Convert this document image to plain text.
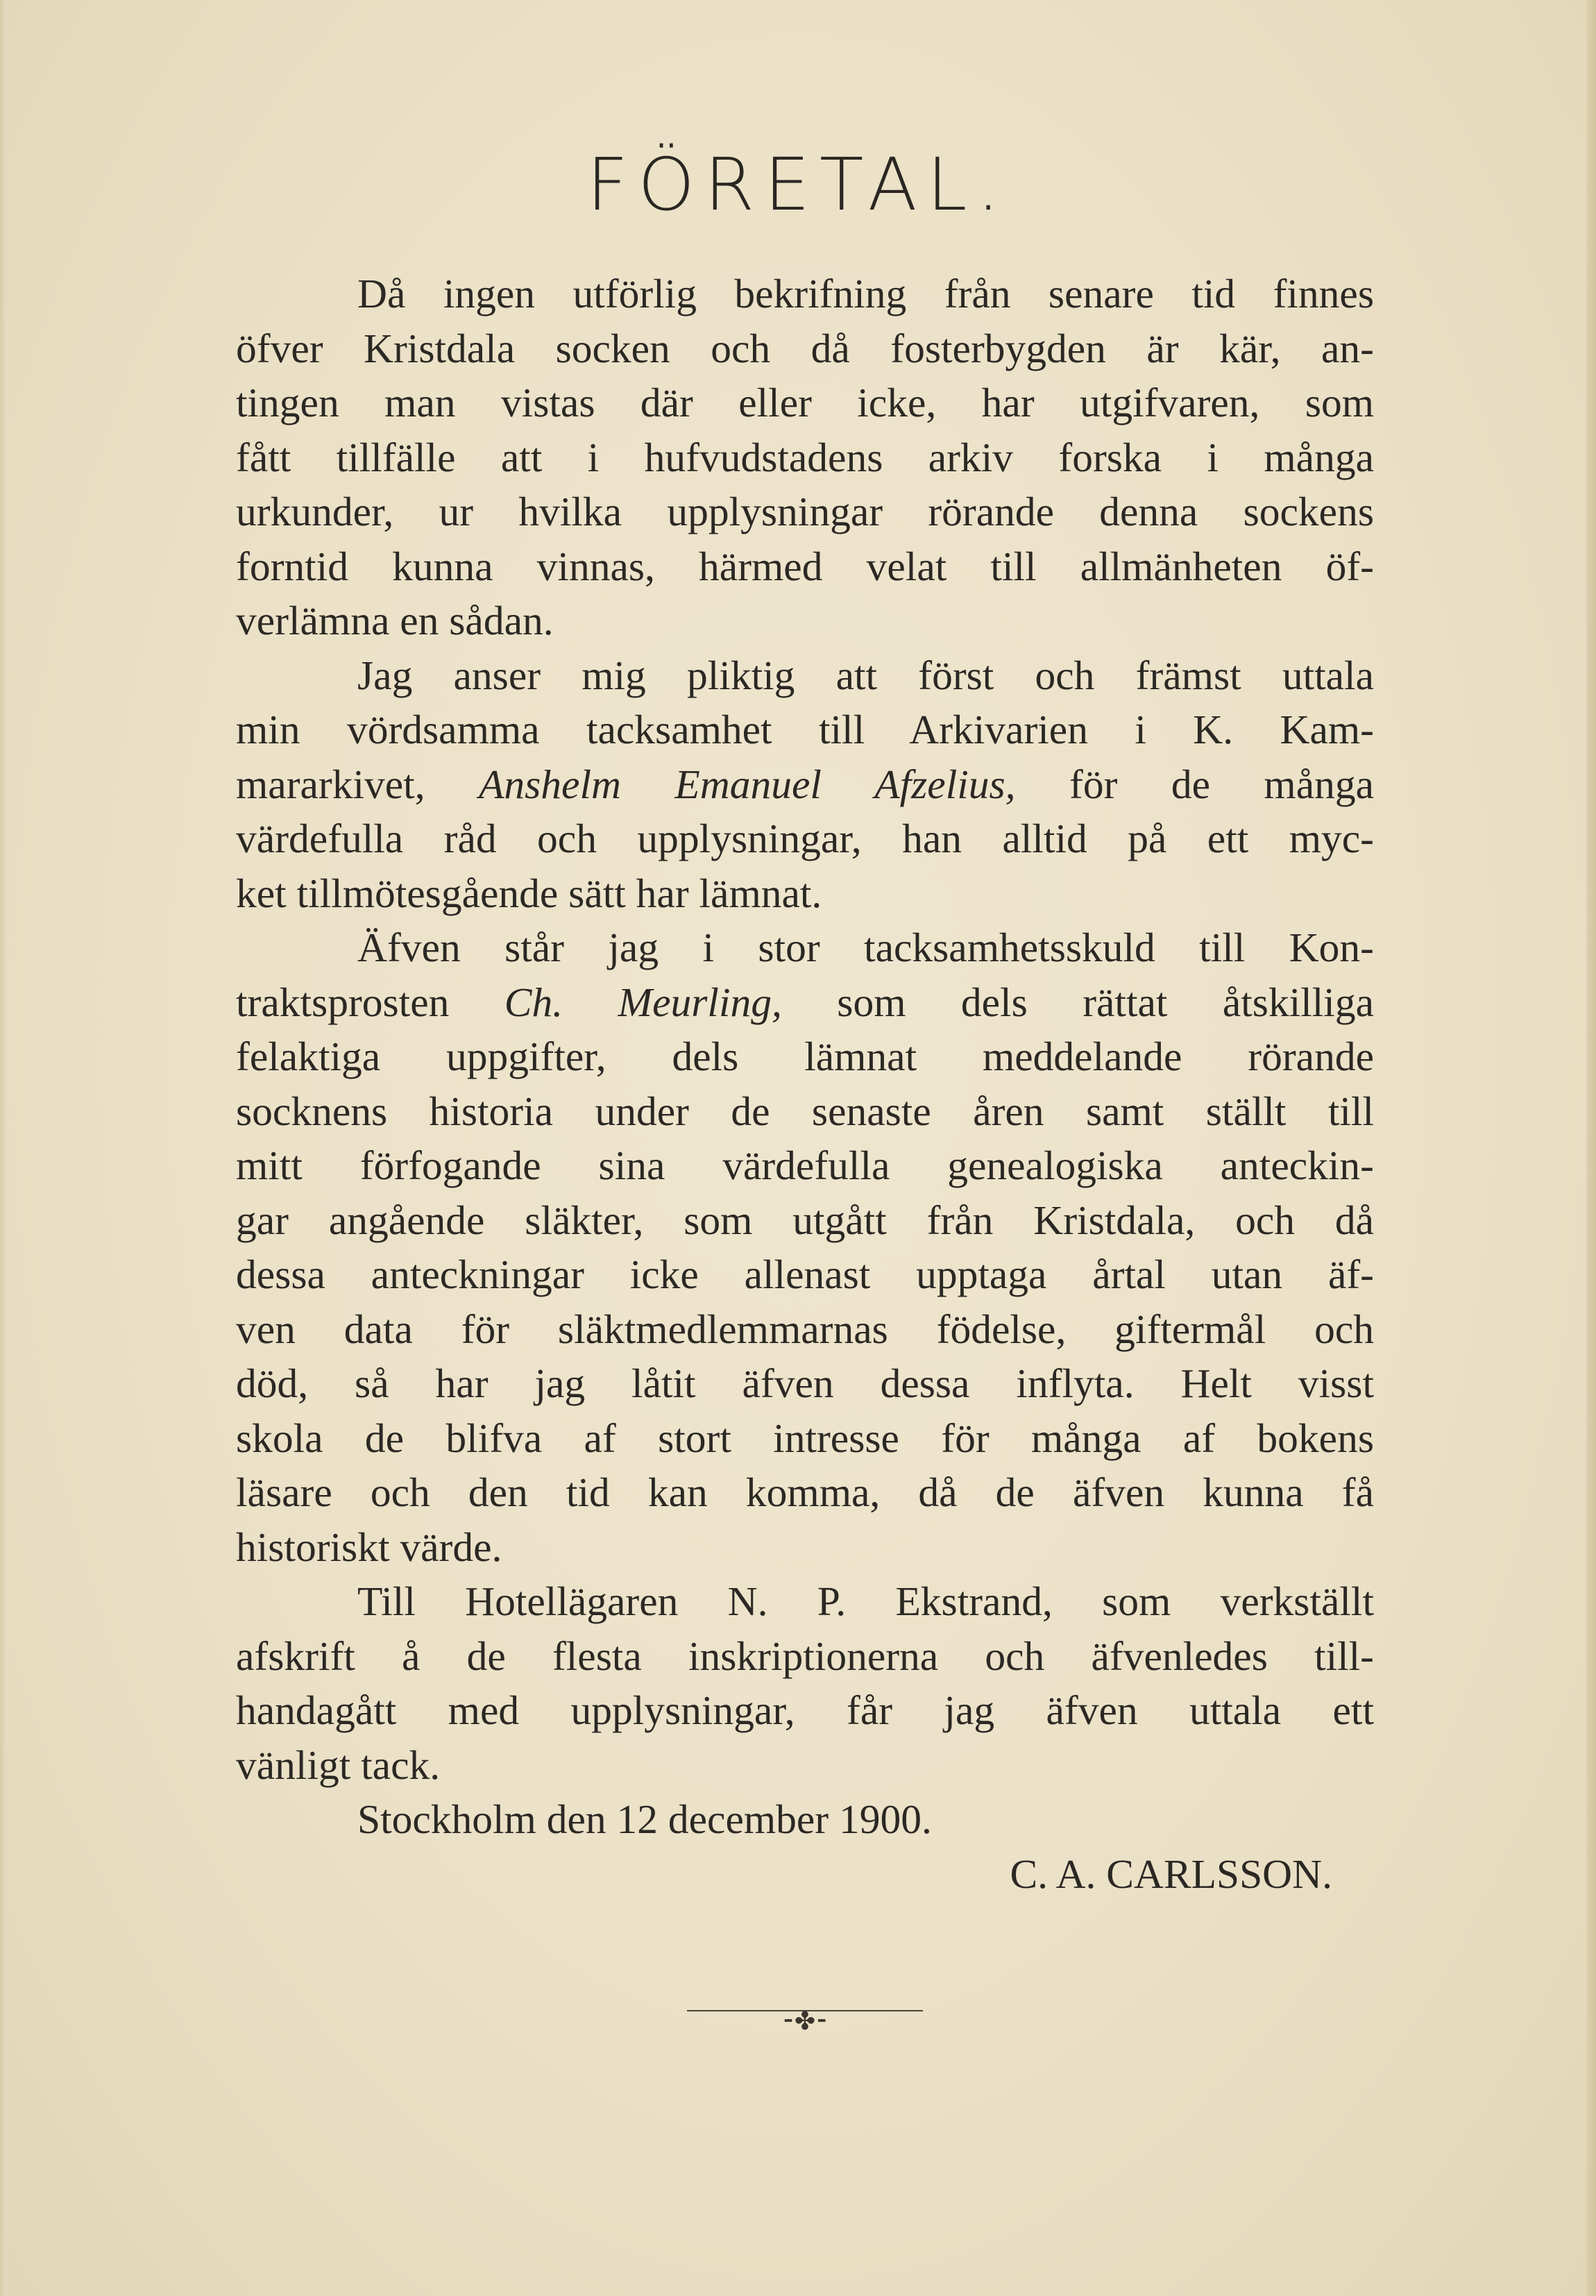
FÖRETAL.
Då ingen utförlig bekrifning från senare tid finnes
öfver Kristdala socken och då fosterbygden är kär, an-
tingen man vistas där eller icke, har utgifvaren, som
fått tillfälle att i hufvudstadens arkiv forska i många
urkunder, ur hvilka upplysningar rörande denna sockens
forntid kunna vinnas, härmed velat till allmänheten öf-
verlämna en sådan.
Jag anser mig pliktig att först och främst uttala
min vördsamma tacksamhet till Arkivarien i K. Kam-
mararkivet, Anshelm Emanuel Afzelius, för de många
värdefulla råd och upplysningar, han alltid på ett myc-
ket tillmötesgående sätt har lämnat.
Äfven står jag i stor tacksamhetsskuld till Kon-
traktsprosten Ch. Meurling, som dels rättat åtskilliga
felaktiga uppgifter, dels lämnat meddelande rörande
socknens historia under de senaste åren samt ställt till
mitt förfogande sina värdefulla genealogiska anteckin-
gar angående släkter, som utgått från Kristdala, och då
dessa anteckningar icke allenast upptaga årtal utan äf-
ven data för släktmedlemmarnas födelse, giftermål och
död, så har jag låtit äfven dessa inflyta. Helt visst
skola de blifva af stort intresse för många af bokens
läsare och den tid kan komma, då de äfven kunna få
historiskt värde.
Till Hotellägaren N. P. Ekstrand, som verkställt
afskrift å de flesta inskriptionerna och äfvenledes till-
handagått med upplysningar, får jag äfven uttala ett
vänligt tack.
Stockholm den 12 december 1900.
C. A. CARLSSON.
⁃✤⁃
